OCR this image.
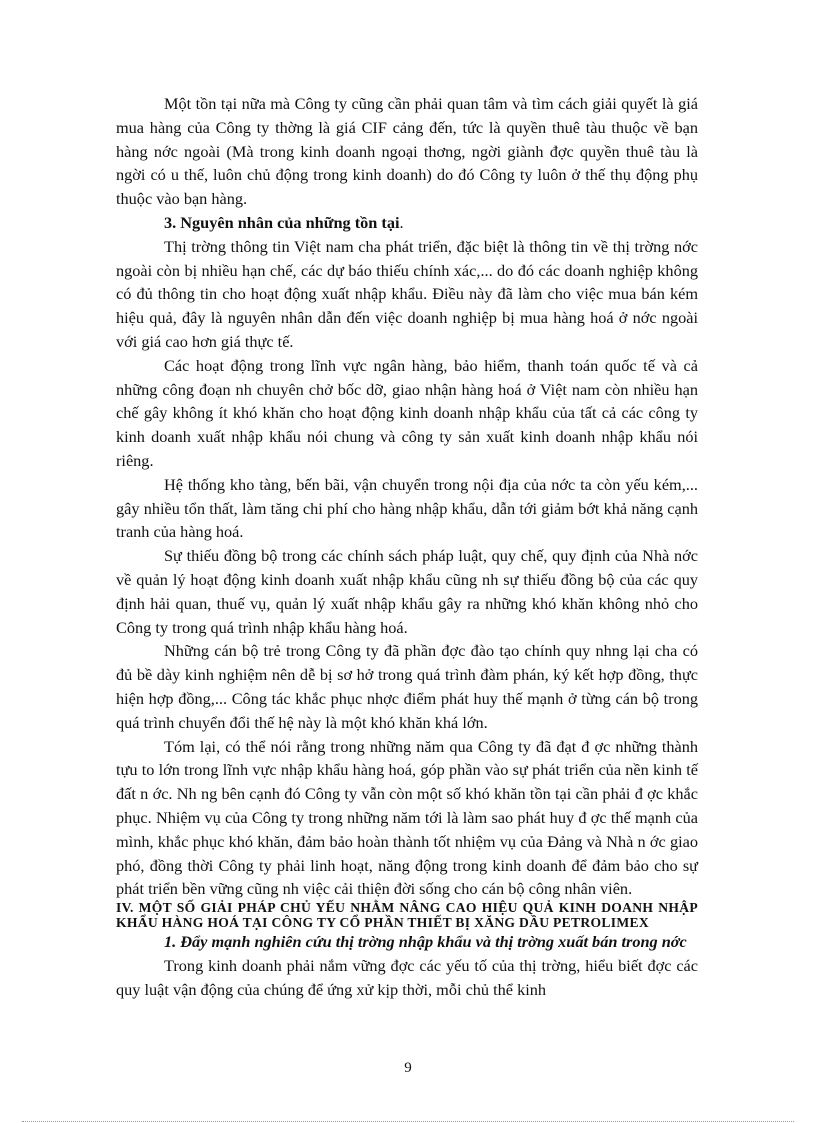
Một tồn tại nữa mà Công ty cũng cần phải quan tâm và tìm cách giải quyết là giá mua hàng của Công ty thờng là giá CIF cảng đến, tức là quyền thuê tàu thuộc về bạn hàng nớc ngoài (Mà trong kinh doanh ngoại thơng, ngời giành đợc quyền thuê tàu là ngời có u thế, luôn chủ động trong kinh doanh) do đó Công ty luôn ở thế thụ động phụ thuộc vào bạn hàng.

3. Nguyên nhân của những tồn tại.

Thị trờng thông tin Việt nam cha phát triển, đặc biệt là thông tin về thị trờng nớc ngoài còn bị nhiều hạn chế, các dự báo thiếu chính xác,... do đó các doanh nghiệp không có đủ thông tin cho hoạt động xuất nhập khẩu. Điều này đã làm cho việc mua bán kém hiệu quả, đây là nguyên nhân dẫn đến việc doanh nghiệp bị mua hàng hoá ở nớc ngoài với giá cao hơn giá thực tế.

Các hoạt động trong lĩnh vực ngân hàng, bảo hiểm, thanh toán quốc tế và cả những công đoạn nh chuyên chở bốc dỡ, giao nhận hàng hoá ở Việt nam còn nhiều hạn chế gây không ít khó khăn cho hoạt động kinh doanh nhập khẩu của tất cả các công ty kinh doanh xuất nhập khẩu nói chung và công ty sản xuất kinh doanh nhập khẩu nói riêng.

Hệ thống kho tàng, bến bãi, vận chuyển trong nội địa của nớc ta còn yếu kém,... gây nhiều tổn thất, làm tăng chi phí cho hàng nhập khẩu, dẫn tới giảm bớt khả năng cạnh tranh của hàng hoá.

Sự thiếu đồng bộ trong các chính sách pháp luật, quy chế, quy định của Nhà nớc về quản lý hoạt động kinh doanh xuất nhập khẩu cũng nh sự thiếu đồng bộ của các quy định hải quan, thuế vụ, quản lý xuất nhập khẩu gây ra những khó khăn không nhỏ cho Công ty trong quá trình nhập khẩu hàng hoá.

Những cán bộ trẻ trong Công ty đã phần đợc đào tạo chính quy nhng lại cha có đủ bề dày kinh nghiệm nên dễ bị sơ hở trong quá trình đàm phán, ký kết hợp đồng, thực hiện hợp đồng,... Công tác khắc phục nhợc điểm phát huy thế mạnh ở từng cán bộ trong quá trình chuyển đổi thế hệ này là một khó khăn khá lớn.

Tóm lại, có thể nói rằng trong những năm qua Công ty đã đạt đ ợc những thành tựu to lớn trong lĩnh vực nhập khẩu hàng hoá, góp phần vào sự phát triển của nền kinh tế đất n ớc. Nh ng bên cạnh đó Công ty vẫn còn một số khó khăn tồn tại cần phải đ ợc khắc phục. Nhiệm vụ của Công ty trong những năm tới là làm sao phát huy đ ợc thế mạnh của mình, khắc phục khó khăn, đảm bảo hoàn thành tốt nhiệm vụ của Đảng và Nhà n ớc giao phó, đồng thời Công ty phải linh hoạt, năng động trong kinh doanh để đảm bảo cho sự phát triển bền vững cũng nh việc cải thiện đời sống cho cán bộ công nhân viên.

IV. MỘT SỐ GIẢI PHÁP CHỦ YẾU NHẰM NÂNG CAO HIỆU QUẢ KINH DOANH NHẬP KHẨU HÀNG HOÁ TẠI CÔNG TY CỔ PHẦN THIẾT BỊ XĂNG DẦU PETROLIMEX

1. Đẩy mạnh nghiên cứu thị trờng nhập khẩu và thị trờng xuất bán trong nớc

Trong kinh doanh phải nắm vững đợc các yếu tố của thị trờng, hiểu biết đợc các quy luật vận động của chúng để ứng xử kịp thời, mỗi chủ thể kinh

9
